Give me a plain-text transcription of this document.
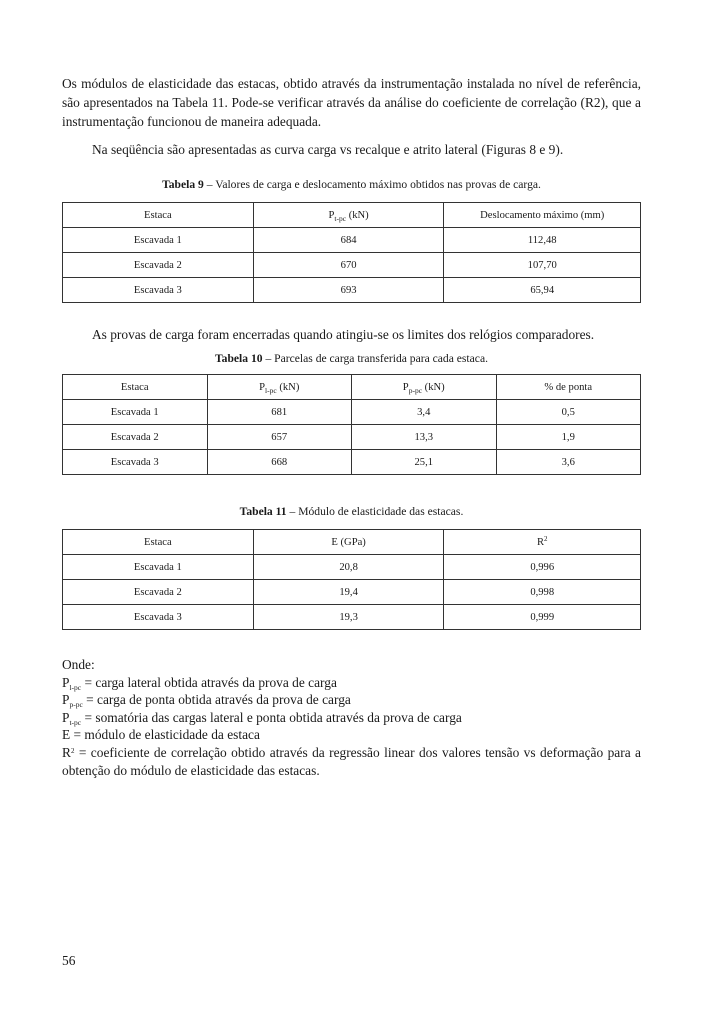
Os módulos de elasticidade das estacas, obtido através da instrumentação instalada no nível de referência, são apresentados na Tabela 11. Pode-se verificar através da análise do coeficiente de correlação (R2), que a instrumentação funcionou de maneira adequada.

Na seqüência são apresentadas as curva carga vs recalque e atrito lateral (Figuras 8 e 9).

Tabela 9 – Valores de carga e deslocamento máximo obtidos nas provas de carga.

Estaca	$P_{t-pc}$ (kN)	Deslocamento máximo (mm)
Escavada 1	684	112,48
Escavada 2	670	107,70
Escavada 3	693	65,94

As provas de carga foram encerradas quando atingiu-se os limites dos relógios comparadores.

Tabela 10 – Parcelas de carga transferida para cada estaca.

Estaca	$P_{l-pc}$ (kN)	$P_{p-pc}$ (kN)	% de ponta
Escavada 1	681	3,4	0,5
Escavada 2	657	13,3	1,9
Escavada 3	668	25,1	3,6

Tabela 11 – Módulo de elasticidade das estacas.

Estaca	E (GPa)	$R^2$
Escavada 1	20,8	0,996
Escavada 2	19,4	0,998
Escavada 3	19,3	0,999
Onde:
$P_{l-pc}$ = carga lateral obtida através da prova de carga
$P_{p-pc}$ = carga de ponta obtida através da prova de carga
$P_{t-pc}$ = somatória das cargas lateral e ponta obtida através da prova de carga
E = módulo de elasticidade da estaca
$R^2$ = coeficiente de correlação obtido através da regressão linear dos valores tensão vs deformação para a obtenção do módulo de elasticidade das estacas.
56
